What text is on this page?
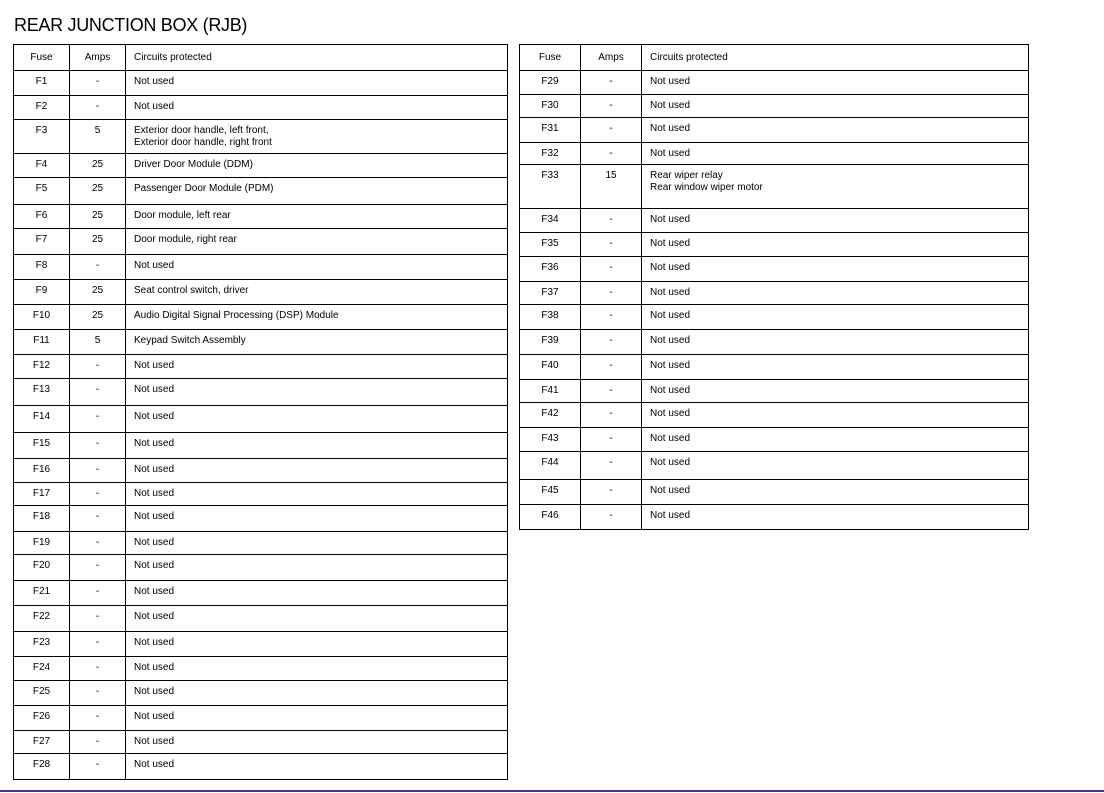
REAR JUNCTION BOX (RJB)
Fuse	Amps	Circuits protected

F1	-	Not used

F2	-	Not used

F3	5	Exterior door handle, left front,
Exterior door handle, right front

F4	25	Driver Door Module (DDM)

F5	25	Passenger Door Module (PDM)

F6	25	Door module, left rear

F7	25	Door module, right rear

F8	-	Not used

F9	25	Seat control switch, driver

F10	25	Audio Digital Signal Processing (DSP) Module

F11	5	Keypad Switch Assembly

F12	-	Not used

F13	-	Not used

F14	-	Not used

F15	-	Not used

F16	-	Not used

F17	-	Not used

F18	-	Not used

F19	-	Not used

F20	-	Not used

F21	-	Not used

F22	-	Not used

F23	-	Not used

F24	-	Not used

F25	-	Not used

F26	-	Not used

F27	-	Not used

F28	-	Not used
Fuse	Amps	Circuits protected

F29	-	Not used

F30	-	Not used

F31	-	Not used

F32	-	Not used

F33	15	Rear wiper relay
Rear window wiper motor

F34	-	Not used

F35	-	Not used

F36	-	Not used

F37	-	Not used

F38	-	Not used

F39	-	Not used

F40	-	Not used

F41	-	Not used

F42	-	Not used

F43	-	Not used

F44	-	Not used

F45	-	Not used

F46	-	Not used
